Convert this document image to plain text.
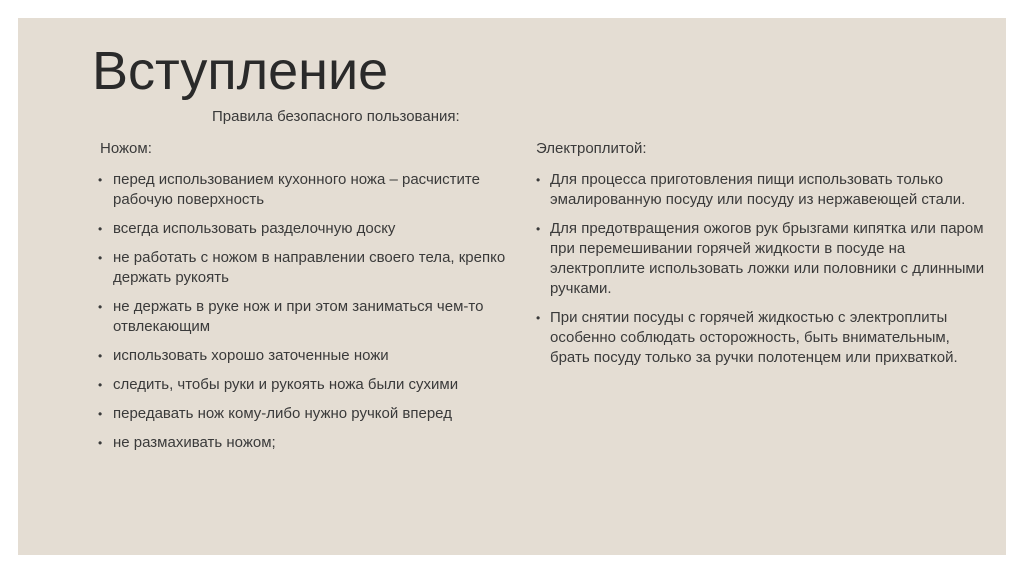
Вступление
Правила безопасного пользования:
Ножом:
• перед использованием кухонного ножа – расчистите рабочую поверхность
• всегда использовать разделочную доску
• не работать с ножом в направлении своего тела, крепко держать рукоять
• не держать в руке нож и при этом заниматься чем-то отвлекающим
• использовать хорошо заточенные ножи
• следить, чтобы руки и рукоять ножа были сухими
• передавать нож кому-либо нужно ручкой вперед
• не размахивать ножом;
Электроплитой:
• Для процесса приготовления пищи использовать только эмалированную посуду или посуду из нержавеющей стали.
• Для предотвращения ожогов рук брызгами кипятка или паром при перемешивании горячей жидкости в посуде на электроплите использовать ложки или половники с длинными ручками.
• При снятии посуды с горячей жидкостью с электроплиты особенно соблюдать осторожность, быть внимательным, брать посуду только за ручки полотенцем или прихваткой.
